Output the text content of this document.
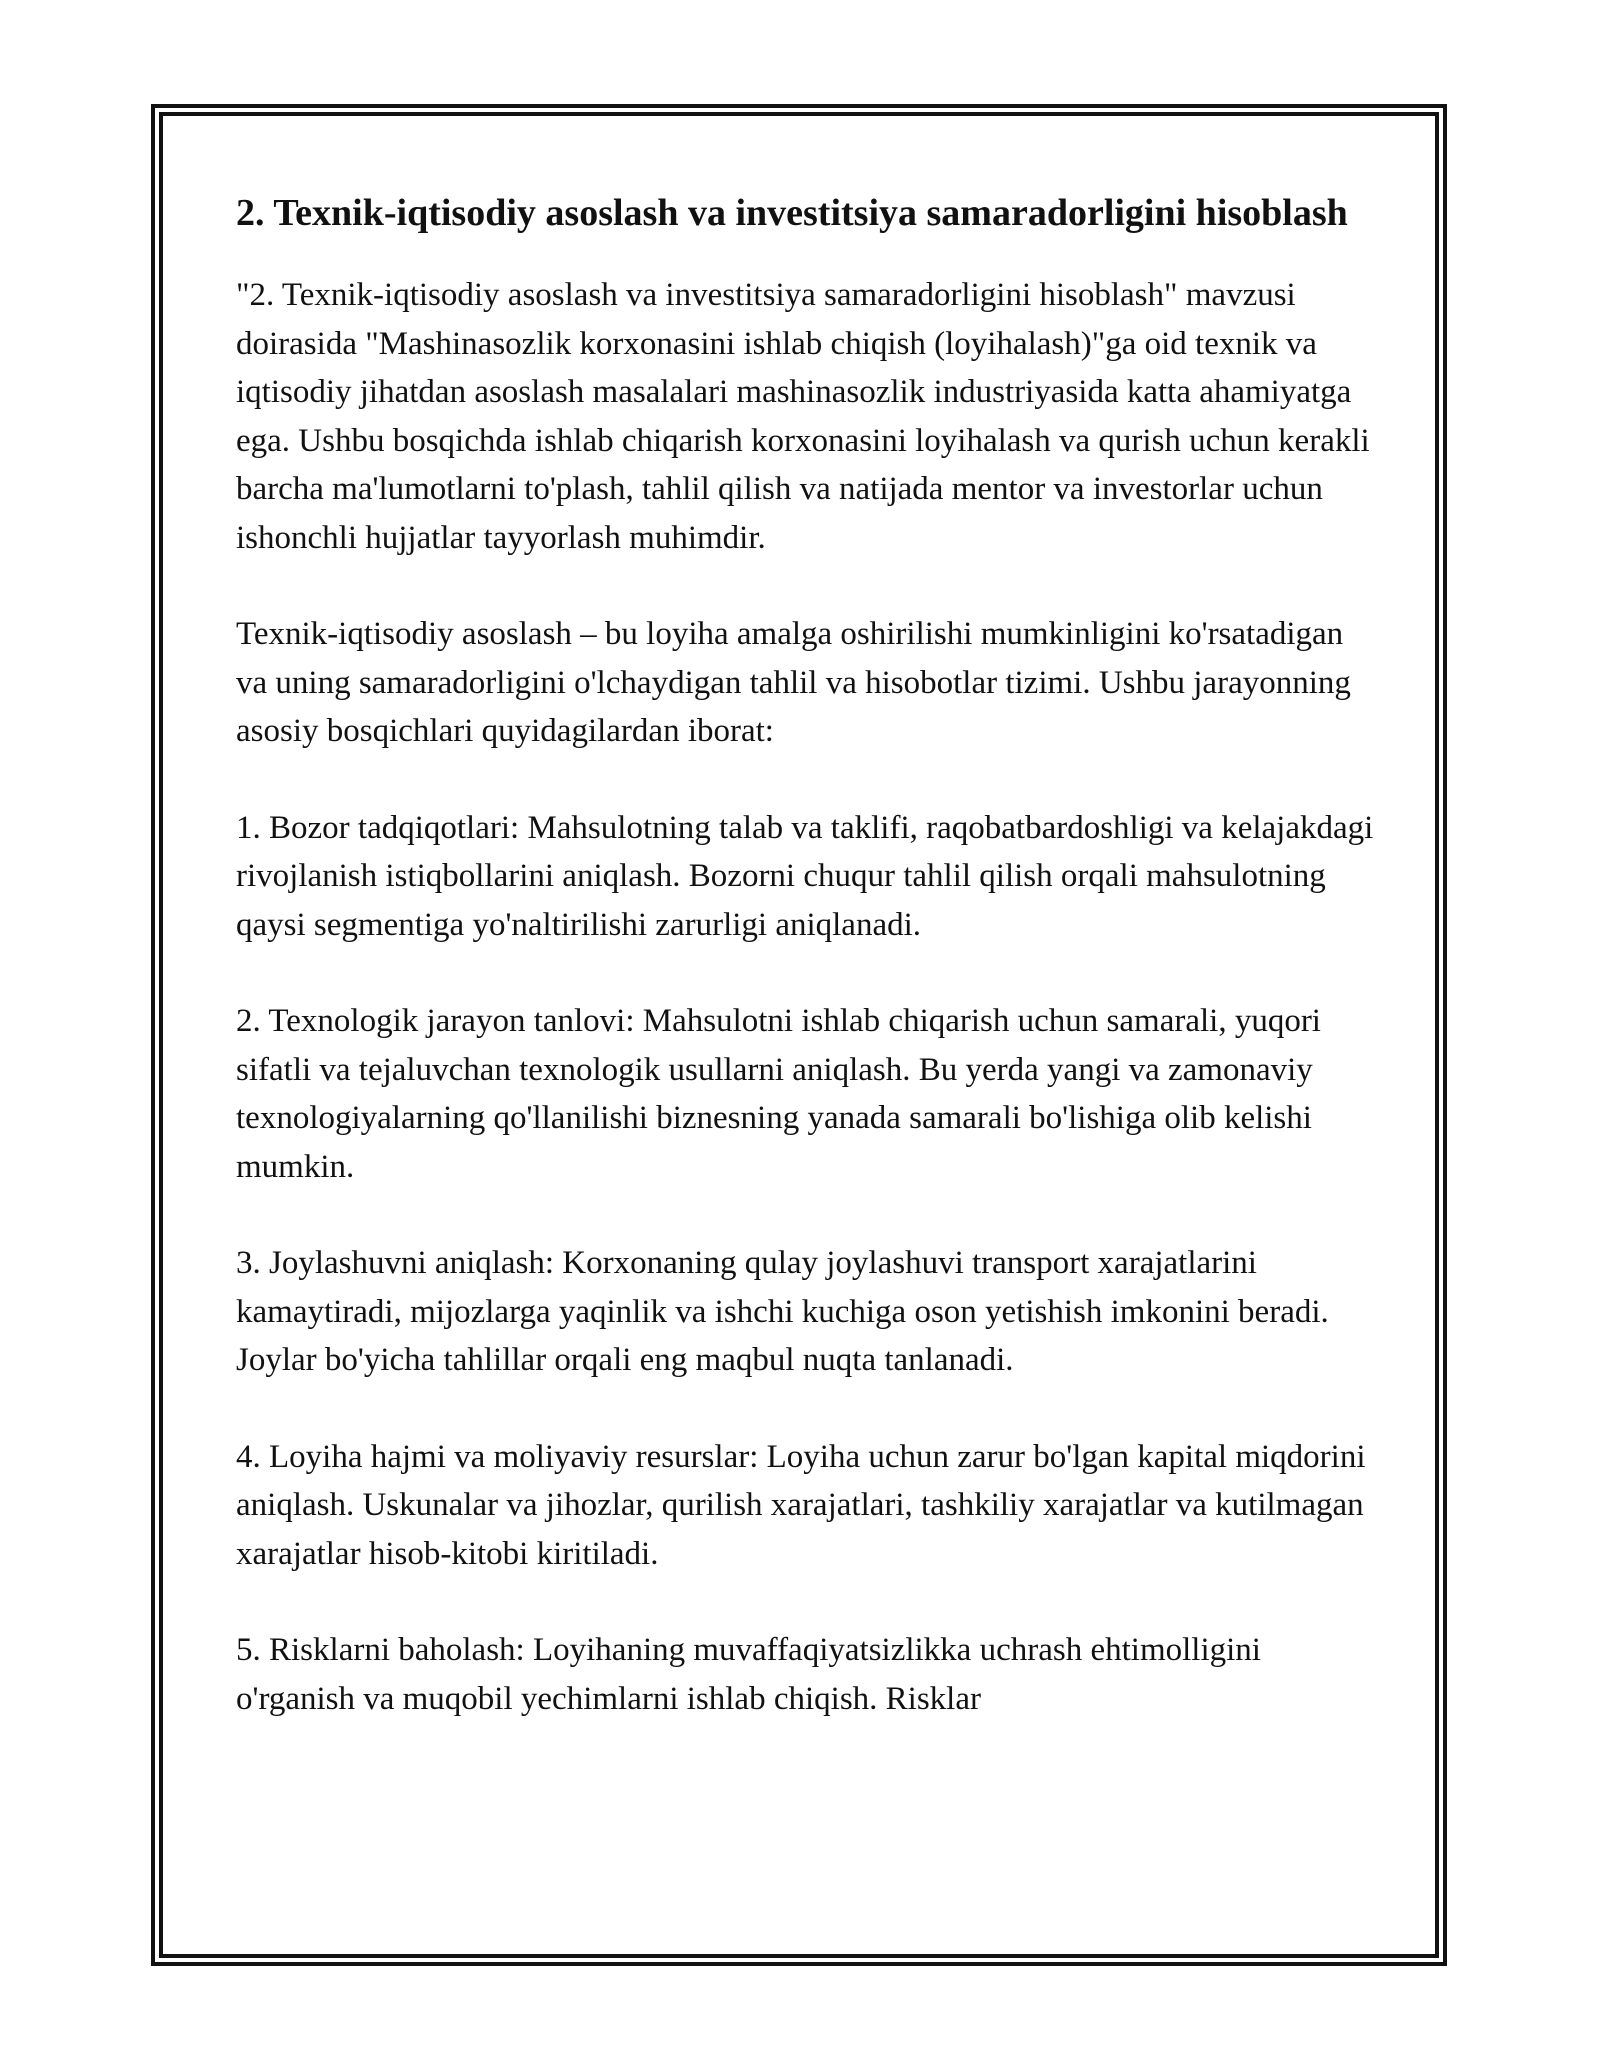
2. Texnik-iqtisodiy asoslash va investitsiya samaradorligini hisoblash

"2. Texnik-iqtisodiy asoslash va investitsiya samaradorligini hisoblash" mavzusi doirasida "Mashinasozlik korxonasini ishlab chiqish (loyihalash)"ga oid texnik va iqtisodiy jihatdan asoslash masalalari mashinasozlik industriyasida katta ahamiyatga ega. Ushbu bosqichda ishlab chiqarish korxonasini loyihalash va qurish uchun kerakli barcha ma'lumotlarni to'plash, tahlil qilish va natijada mentor va investorlar uchun ishonchli hujjatlar tayyorlash muhimdir.

Texnik-iqtisodiy asoslash – bu loyiha amalga oshirilishi mumkinligini ko'rsatadigan va uning samaradorligini o'lchaydigan tahlil va hisobotlar tizimi. Ushbu jarayonning asosiy bosqichlari quyidagilardan iborat:

1. Bozor tadqiqotlari: Mahsulotning talab va taklifi, raqobatbardoshligi va kelajakdagi rivojlanish istiqbollarini aniqlash. Bozorni chuqur tahlil qilish orqali mahsulotning qaysi segmentiga yo'naltirilishi zarurligi aniqlanadi.

2. Texnologik jarayon tanlovi: Mahsulotni ishlab chiqarish uchun samarali, yuqori sifatli va tejaluvchan texnologik usullarni aniqlash. Bu yerda yangi va zamonaviy texnologiyalarning qo'llanilishi biznesning yanada samarali bo'lishiga olib kelishi mumkin.

3. Joylashuvni aniqlash: Korxonaning qulay joylashuvi transport xarajatlarini kamaytiradi, mijozlarga yaqinlik va ishchi kuchiga oson yetishish imkonini beradi. Joylar bo'yicha tahlillar orqali eng maqbul nuqta tanlanadi.

4. Loyiha hajmi va moliyaviy resurslar: Loyiha uchun zarur bo'lgan kapital miqdorini aniqlash. Uskunalar va jihozlar, qurilish xarajatlari, tashkiliy xarajatlar va kutilmagan xarajatlar hisob-kitobi kiritiladi.

5. Risklarni baholash: Loyihaning muvaffaqiyatsizlikka uchrash ehtimolligini o'rganish va muqobil yechimlarni ishlab chiqish. Risklar
